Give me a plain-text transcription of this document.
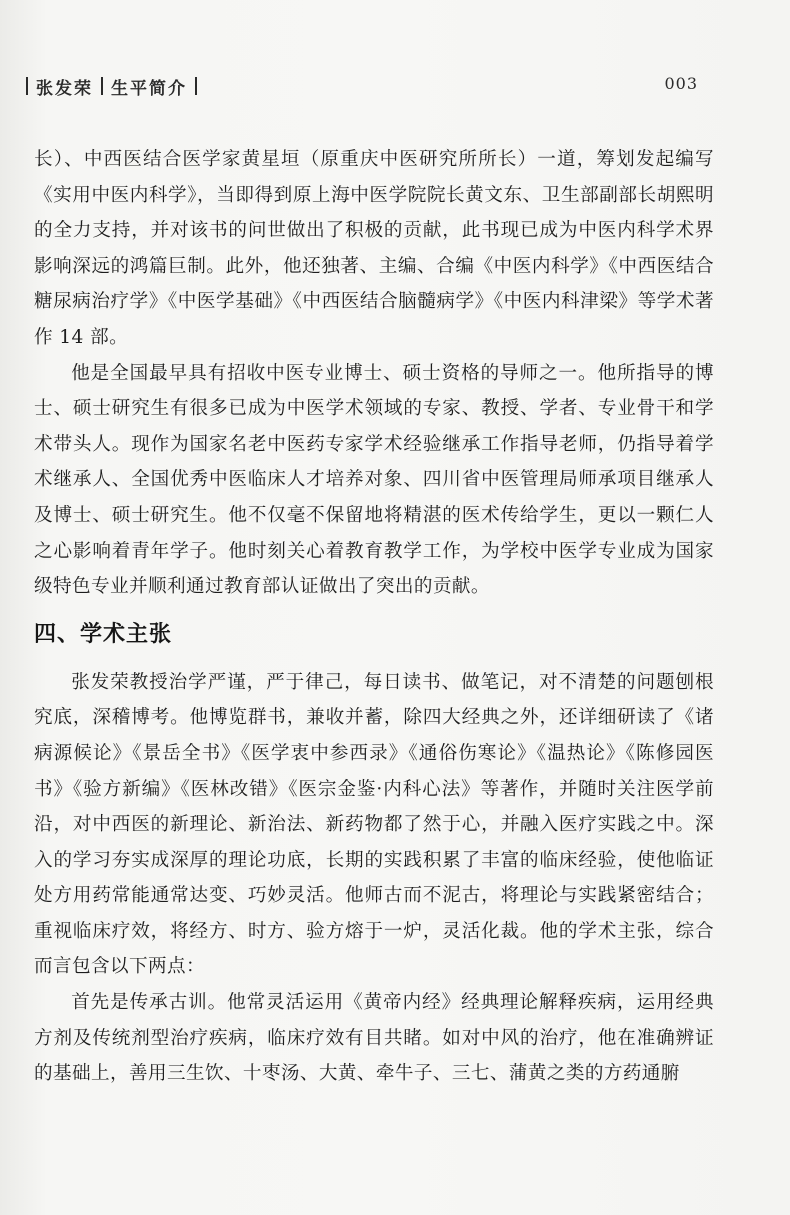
张发荣 生平简介	003

长）、中西医结合医学家黄星垣（原重庆中医研究所所长）一道，筹划发起编写《实用中医内科学》，当即得到原上海中医学院院长黄文东、卫生部副部长胡熙明的全力支持，并对该书的问世做出了积极的贡献，此书现已成为中医内科学术界影响深远的鸿篇巨制。此外，他还独著、主编、合编《中医内科学》《中西医结合糖尿病治疗学》《中医学基础》《中西医结合脑髓病学》《中医内科津梁》等学术著作 14 部。

他是全国最早具有招收中医专业博士、硕士资格的导师之一。他所指导的博士、硕士研究生有很多已成为中医学术领域的专家、教授、学者、专业骨干和学术带头人。现作为国家名老中医药专家学术经验继承工作指导老师，仍指导着学术继承人、全国优秀中医临床人才培养对象、四川省中医管理局师承项目继承人及博士、硕士研究生。他不仅毫不保留地将精湛的医术传给学生，更以一颗仁人之心影响着青年学子。他时刻关心着教育教学工作，为学校中医学专业成为国家级特色专业并顺利通过教育部认证做出了突出的贡献。

四、学术主张

张发荣教授治学严谨，严于律己，每日读书、做笔记，对不清楚的问题刨根究底，深稽博考。他博览群书，兼收并蓄，除四大经典之外，还详细研读了《诸病源候论》《景岳全书》《医学衷中参西录》《通俗伤寒论》《温热论》《陈修园医书》《验方新编》《医林改错》《医宗金鉴·内科心法》等著作，并随时关注医学前沿，对中西医的新理论、新治法、新药物都了然于心，并融入医疗实践之中。深入的学习夯实成深厚的理论功底，长期的实践积累了丰富的临床经验，使他临证处方用药常能通常达变、巧妙灵活。他师古而不泥古，将理论与实践紧密结合；重视临床疗效，将经方、时方、验方熔于一炉，灵活化裁。他的学术主张，综合而言包含以下两点：

首先是传承古训。他常灵活运用《黄帝内经》经典理论解释疾病，运用经典方剂及传统剂型治疗疾病，临床疗效有目共睹。如对中风的治疗，他在准确辨证的基础上，善用三生饮、十枣汤、大黄、牵牛子、三七、蒲黄之类的方药通腑
